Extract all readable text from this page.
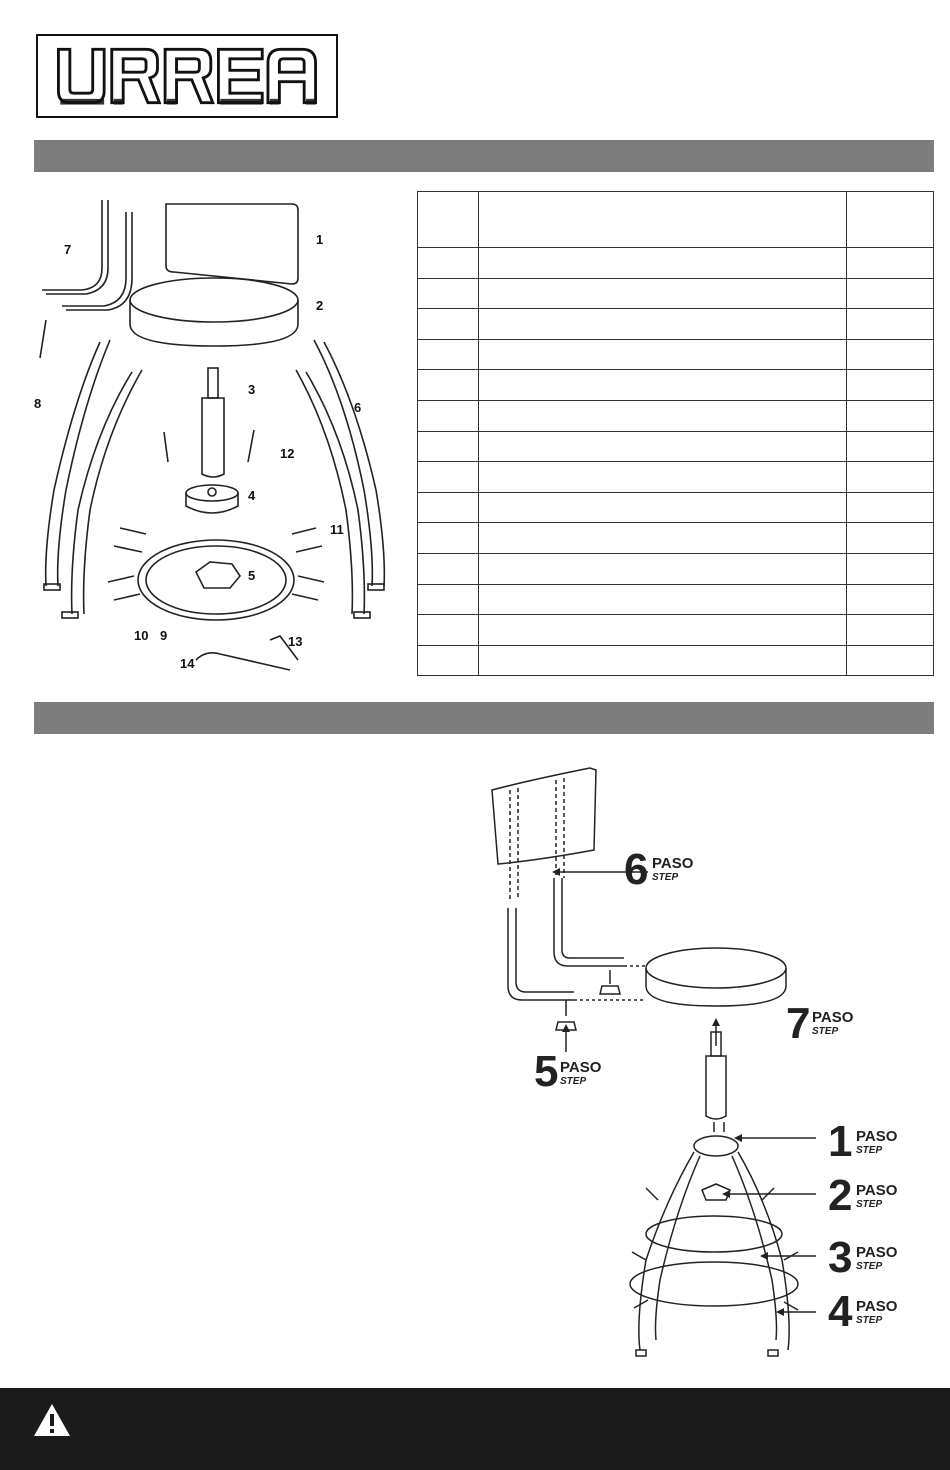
1
2
3
4
5
6
7
8
9
10
11
12
13
14

6 PASO
STEP
5 PASO
STEP
7 PASO
STEP
1 PASO
STEP
2 PASO
STEP
3 PASO
STEP
4 PASO
STEP
